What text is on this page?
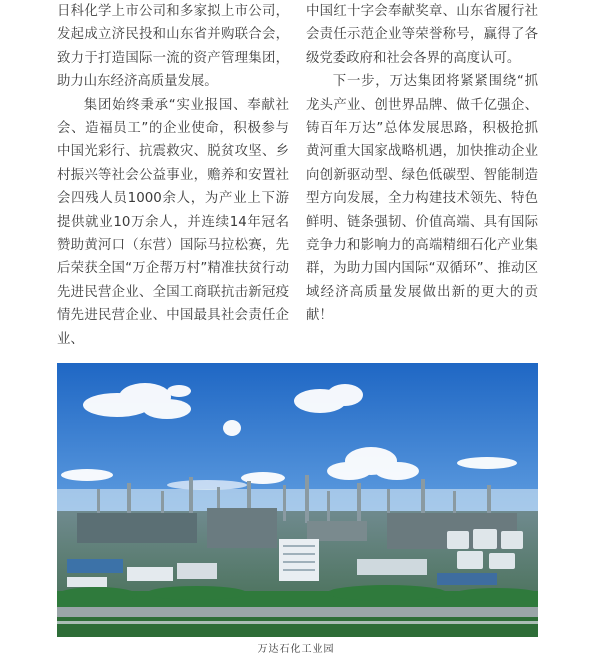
日科化学上市公司和多家拟上市公司，发起成立济民投和山东省并购联合会，致力于打造国际一流的资产管理集团，助力山东经济高质量发展。

集团始终秉承“实业报国、奉献社会、造福员工”的企业使命，积极参与中国光彩行、抗震救灾、脱贫攻坚、乡村振兴等社会公益事业，赡养和安置社会四残人员1000余人，为产业上下游提供就业10万余人，并连续14年冠名赞助黄河口（东营）国际马拉松赛，先后荣获全国“万企帮万村”精准扶贫行动先进民营企业、全国工商联抗击新冠疫情先进民营企业、中国最具社会责任企业、

中国红十字会奉献奖章、山东省履行社会责任示范企业等荣誉称号，赢得了各级党委政府和社会各界的高度认可。

下一步，万达集团将紧紧围绕“抓龙头产业、创世界品牌、做千亿强企、铸百年万达”总体发展思路，积极抢抓黄河重大国家战略机遇，加快推动企业向创新驱动型、绿色低碳型、智能制造型方向发展，全力构建技术领先、特色鲜明、链条强韧、价值高端、具有国际竞争力和影响力的高端精细石化产业集群，为助力国内国际“双循环”、推动区域经济高质量发展做出新的更大的贡献！

万达石化工业园
